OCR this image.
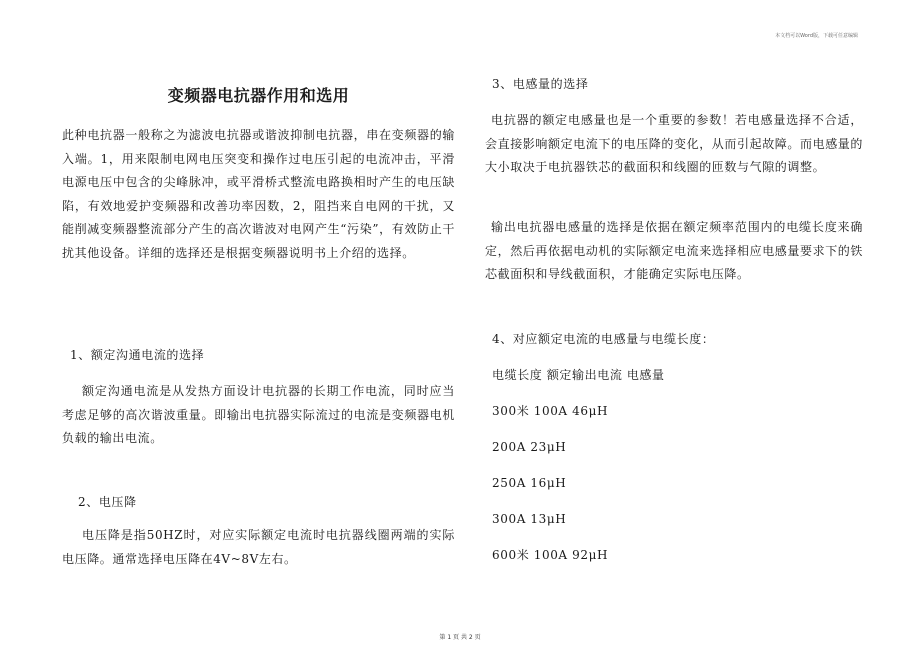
本文档可以Word版，下载可任意编辑
变频器电抗器作用和选用
此种电抗器一般称之为滤波电抗器或谐波抑制电抗器，串在变频器的输入端。1，用来限制电网电压突变和操作过电压引起的电流冲击，平滑电源电压中包含的尖峰脉冲，或平滑桥式整流电路换相时产生的电压缺陷，有效地爱护变频器和改善功率因数，2，阻挡来自电网的干扰，又能削减变频器整流部分产生的高次谐波对电网产生“污染”，有效防止干扰其他设备。详细的选择还是根据变频器说明书上介绍的选择。
1、额定沟通电流的选择
额定沟通电流是从发热方面设计电抗器的长期工作电流，同时应当考虑足够的高次谐波重量。即输出电抗器实际流过的电流是变频器电机负载的输出电流。
2、电压降
电压降是指50HZ时，对应实际额定电流时电抗器线圈两端的实际电压降。通常选择电压降在4V~8V左右。
3、电感量的选择
电抗器的额定电感量也是一个重要的参数！若电感量选择不合适，会直接影响额定电流下的电压降的变化，从而引起故障。而电感量的大小取决于电抗器铁芯的截面积和线圈的匝数与气隙的调整。
输出电抗器电感量的选择是依据在额定频率范围内的电缆长度来确定，然后再依据电动机的实际额定电流来选择相应电感量要求下的铁芯截面积和导线截面积，才能确定实际电压降。
4、对应额定电流的电感量与电缆长度：
电缆长度 额定输出电流 电感量
300米 100A 46μH
200A 23μH
250A 16μH
300A 13μH
600米 100A 92μH
第 1 页 共 2 页
